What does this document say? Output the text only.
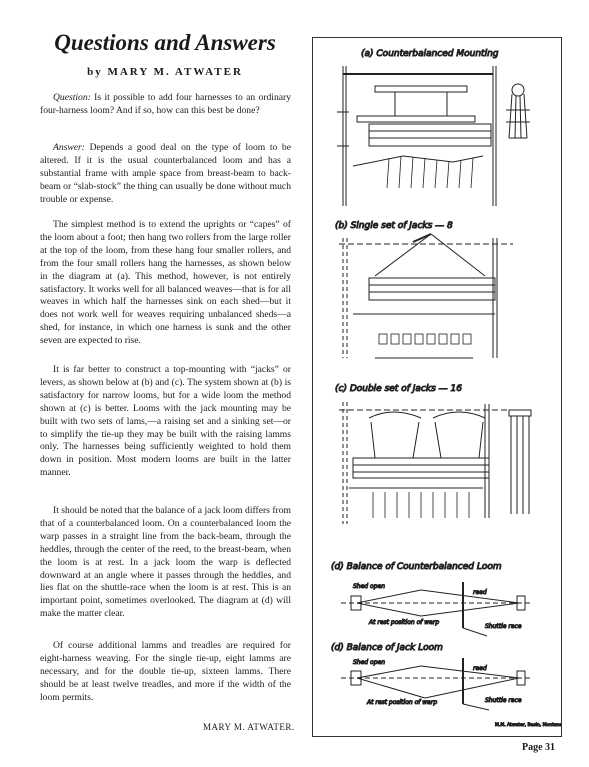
Questions and Answers

by MARY M. ATWATER

Question: Is it possible to add four harnesses to an ordinary four-harness loom? And if so, how can this best be done?

Answer: Depends a good deal on the type of loom to be altered. If it is the usual counterbalanced loom and has a substantial frame with ample space from breast-beam to back-beam or “slab-stock” the thing can usually be done without much trouble or expense.

The simplest method is to extend the uprights or “capes” of the loom about a foot; then hang two rollers from the large roller at the top of the loom, from these hang four smaller rollers, and from the four small rollers hang the harnesses, as shown below in the diagram at (a). This method, however, is not entirely satisfactory. It works well for all balanced weaves—that is for all weaves in which half the harnesses sink on each shed—but it does not work well for weaves requiring unbalanced sheds—a shed, for instance, in which one harness is sunk and the other seven are expected to rise.

It is far better to construct a top-mounting with “jacks” or levers, as shown below at (b) and (c). The system shown at (b) is satisfactory for narrow looms, but for a wide loom the method shown at (c) is better. Looms with the jack mounting may be built with two sets of lams,—a raising set and a sinking set—or to simplify the tie-up they may be built with the raising lamms only. The harnesses being sufficiently weighted to hold them down in position. Most modern looms are built in the latter manner.

It should be noted that the balance of a jack loom differs from that of a counterbalanced loom. On a counterbalanced loom the warp passes in a straight line from the back-beam, through the heddles, through the center of the reed, to the breast-beam, when the loom is at rest. In a jack loom the warp is deflected downward at an angle where it passes through the heddles, and lies flat on the shuttle-race when the loom is at rest. This is an important point, sometimes overlooked. The diagram at (d) will make the matter clear.

Of course additional lamms and treadles are required for eight-harness weaving. For the single tie-up, eight lamms are necessary, and for the double tie-up, sixteen lamms. There should be at least twelve treadles, and more if the width of the loom permits.

MARY M. ATWATER.

Page 31

(a) Counterbalanced Mounting
(b) Single set of Jacks — 8
(c) Double set of Jacks — 16
(d) Balance of Counterbalanced Loom
Shed open
reed
At rest position of warp
Shuttle race
(d) Balance of Jack Loom
Shed open
reed
At rest position of warp	Shuttle race
M.M. Atwater, Basin, Montana
